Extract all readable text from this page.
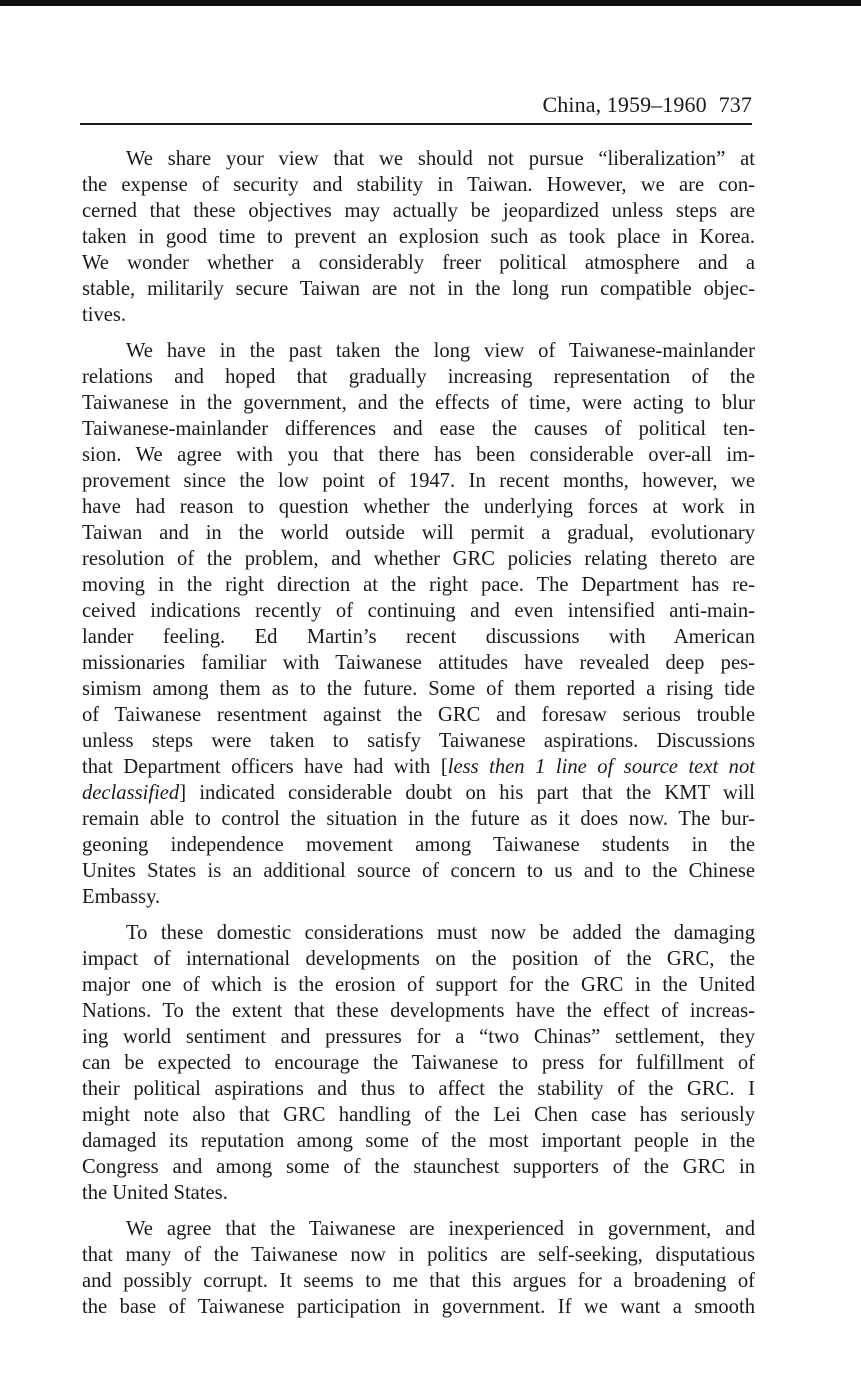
China, 1959–1960 737

We share your view that we should not pursue “liberalization” at
the expense of security and stability in Taiwan. However, we are con-
cerned that these objectives may actually be jeopardized unless steps are
taken in good time to prevent an explosion such as took place in Korea.
We wonder whether a considerably freer political atmosphere and a
stable, militarily secure Taiwan are not in the long run compatible objec-
tives.

We have in the past taken the long view of Taiwanese-mainlander
relations and hoped that gradually increasing representation of the
Taiwanese in the government, and the effects of time, were acting to blur
Taiwanese-mainlander differences and ease the causes of political ten-
sion. We agree with you that there has been considerable over-all im-
provement since the low point of 1947. In recent months, however, we
have had reason to question whether the underlying forces at work in
Taiwan and in the world outside will permit a gradual, evolutionary
resolution of the problem, and whether GRC policies relating thereto are
moving in the right direction at the right pace. The Department has re-
ceived indications recently of continuing and even intensified anti-main-
lander feeling. Ed Martin’s recent discussions with American
missionaries familiar with Taiwanese attitudes have revealed deep pes-
simism among them as to the future. Some of them reported a rising tide
of Taiwanese resentment against the GRC and foresaw serious trouble
unless steps were taken to satisfy Taiwanese aspirations. Discussions
that Department officers have had with [less then 1 line of source text not
declassified] indicated considerable doubt on his part that the KMT will
remain able to control the situation in the future as it does now. The bur-
geoning independence movement among Taiwanese students in the
Unites States is an additional source of concern to us and to the Chinese
Embassy.

To these domestic considerations must now be added the damaging
impact of international developments on the position of the GRC, the
major one of which is the erosion of support for the GRC in the United
Nations. To the extent that these developments have the effect of increas-
ing world sentiment and pressures for a “two Chinas” settlement, they
can be expected to encourage the Taiwanese to press for fulfillment of
their political aspirations and thus to affect the stability of the GRC. I
might note also that GRC handling of the Lei Chen case has seriously
damaged its reputation among some of the most important people in the
Congress and among some of the staunchest supporters of the GRC in
the United States.

We agree that the Taiwanese are inexperienced in government, and
that many of the Taiwanese now in politics are self-seeking, disputatious
and possibly corrupt. It seems to me that this argues for a broadening of
the base of Taiwanese participation in government. If we want a smooth
